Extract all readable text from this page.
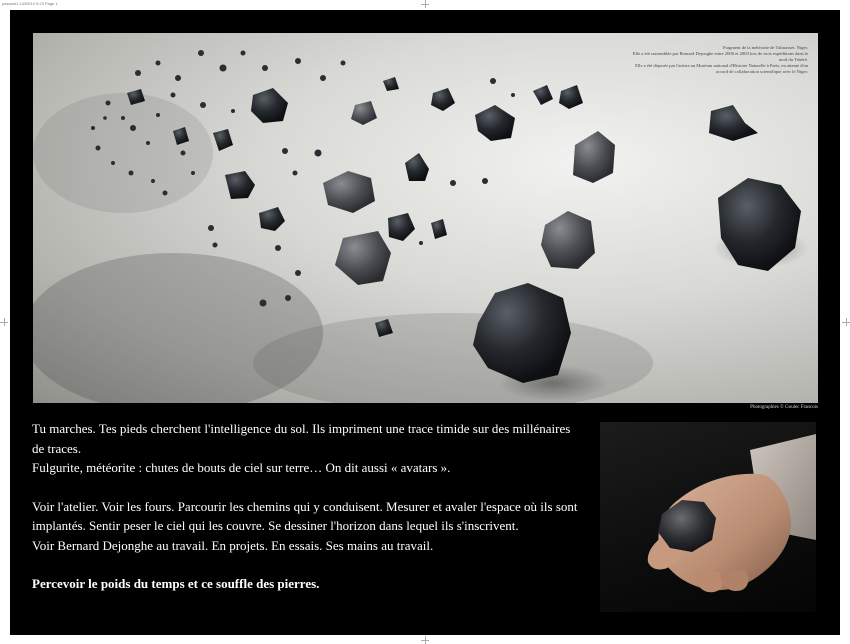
passant1 14/09/10 9:23 Page 1
Fragment de la météorite de Tafasasset. Niger.
Elle a été rassemblée par Bernard Dejonghe entre 2000 et 2003 lors de trois expéditions dans le
nord du Ténéré.
Elle a été déposée par l'artiste au Muséum national d'Histoire Naturelle à Paris, en attente d'un
accord de collaboration scientifique avec le Niger.
Photographies © Goulec Francois

Tu marches. Tes pieds cherchent l'intelligence du sol. Ils impriment une trace timide sur des millénaires

de traces.

Fulgurite, météorite : chutes de bouts de ciel sur terre… On dit aussi « avatars ».

Voir l'atelier. Voir les fours. Parcourir les chemins qui y conduisent. Mesurer et avaler l'espace où ils sont

implantés. Sentir peser le ciel qui les couvre. Se dessiner l'horizon dans lequel ils s'inscrivent.

Voir Bernard Dejonghe au travail. En projets. En essais. Ses mains au travail.

Percevoir le poids du temps et ce souffle des pierres.
